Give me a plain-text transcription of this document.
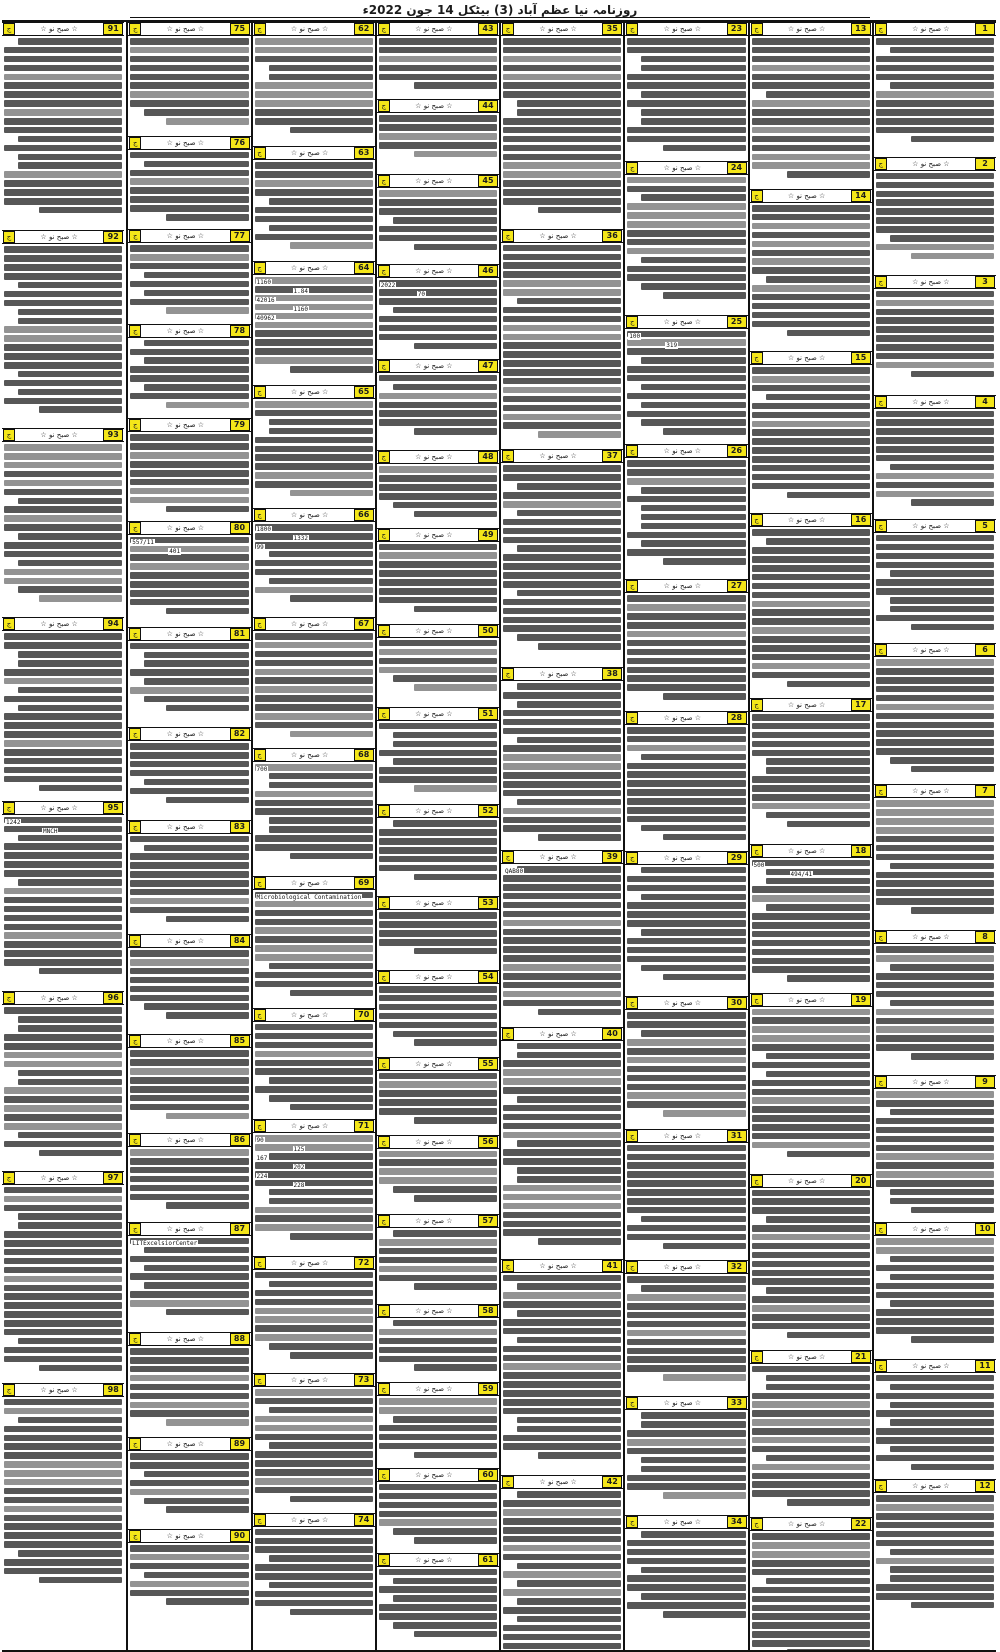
روزنامہ نیا عظم آباد (3) بیٹکل 14 جون 2022ء
ج	☆ صبح نو ☆	1
ج	☆ صبح نو ☆	2
ج	☆ صبح نو ☆	3
ج	☆ صبح نو ☆	4
ج	☆ صبح نو ☆	5
ج	☆ صبح نو ☆	6
ج	☆ صبح نو ☆	7
ج	☆ صبح نو ☆	8
ج	☆ صبح نو ☆	9
ج	☆ صبح نو ☆	10
ج	☆ صبح نو ☆	11
ج	☆ صبح نو ☆	12
ج	☆ صبح نو ☆	13
ج	☆ صبح نو ☆	14
ج	☆ صبح نو ☆	15
ج	☆ صبح نو ☆	16
ج	☆ صبح نو ☆	17
ج	☆ صبح نو ☆	18
500
494/41
ج	☆ صبح نو ☆	19
ج	☆ صبح نو ☆	20
ج	☆ صبح نو ☆	21
ج	☆ صبح نو ☆	22
ج	☆ صبح نو ☆	23
ج	☆ صبح نو ☆	24
ج	☆ صبح نو ☆	25
100
319
ج	☆ صبح نو ☆	26
ج	☆ صبح نو ☆	27
ج	☆ صبح نو ☆	28
ج	☆ صبح نو ☆	29
ج	☆ صبح نو ☆	30
ج	☆ صبح نو ☆	31
ج	☆ صبح نو ☆	32
ج	☆ صبح نو ☆	33
ج	☆ صبح نو ☆	34
ج	☆ صبح نو ☆	35
ج	☆ صبح نو ☆	36
ج	☆ صبح نو ☆	37
ج	☆ صبح نو ☆	38
ج	☆ صبح نو ☆	39
QAB80
ج	☆ صبح نو ☆	40
ج	☆ صبح نو ☆	41
ج	☆ صبح نو ☆	42
ج	☆ صبح نو ☆	43
ج	☆ صبح نو ☆	44
ج	☆ صبح نو ☆	45
ج	☆ صبح نو ☆	46
2022
70
ج	☆ صبح نو ☆	47
ج	☆ صبح نو ☆	48
ج	☆ صبح نو ☆	49
ج	☆ صبح نو ☆	50
ج	☆ صبح نو ☆	51
ج	☆ صبح نو ☆	52
ج	☆ صبح نو ☆	53
ج	☆ صبح نو ☆	54
ج	☆ صبح نو ☆	55
ج	☆ صبح نو ☆	56
ج	☆ صبح نو ☆	57
ج	☆ صبح نو ☆	58
ج	☆ صبح نو ☆	59
ج	☆ صبح نو ☆	60
ج	☆ صبح نو ☆	61
ج	☆ صبح نو ☆	62
ج	☆ صبح نو ☆	63
ج	☆ صبح نو ☆	64
1160
1.84
42016
1160
40962
ج	☆ صبح نو ☆	65
ج	☆ صبح نو ☆	66
1800
1332
99
ج	☆ صبح نو ☆	67
ج	☆ صبح نو ☆	68
700
ج	☆ صبح نو ☆	69
Microbiological Contamination
ج	☆ صبح نو ☆	70
ج	☆ صبح نو ☆	71
90
125
167
202
224
228
ج	☆ صبح نو ☆	72
ج	☆ صبح نو ☆	73
ج	☆ صبح نو ☆	74
ج	☆ صبح نو ☆	75
ج	☆ صبح نو ☆	76
ج	☆ صبح نو ☆	77
ج	☆ صبح نو ☆	78
ج	☆ صبح نو ☆	79
ج	☆ صبح نو ☆	80
557/11
401
ج	☆ صبح نو ☆	81
ج	☆ صبح نو ☆	82
ج	☆ صبح نو ☆	83
ج	☆ صبح نو ☆	84
ج	☆ صبح نو ☆	85
ج	☆ صبح نو ☆	86
ج	☆ صبح نو ☆	87
LITExcelsiorCenter
ج	☆ صبح نو ☆	88
ج	☆ صبح نو ☆	89
ج	☆ صبح نو ☆	90
ج	☆ صبح نو ☆	91
ج	☆ صبح نو ☆	92
ج	☆ صبح نو ☆	93
ج	☆ صبح نو ☆	94
ج	☆ صبح نو ☆	95
1242
MNCH
ج	☆ صبح نو ☆	96
ج	☆ صبح نو ☆	97
ج	☆ صبح نو ☆	98
